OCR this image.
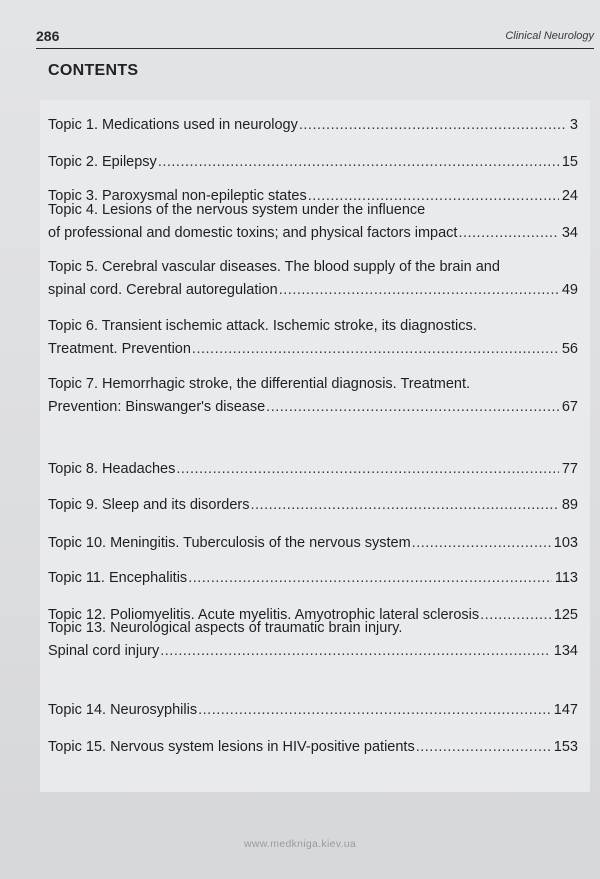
286	Clinical Neurology
CONTENTS
Topic 1. Medications used in neurology .....	3
Topic 2. Epilepsy .....	15
Topic 3. Paroxysmal non-epileptic states .....	24
Topic 4. Lesions of the nervous system under the influence
of professional and domestic toxins; and physical factors impact .....	34
Topic 5. Cerebral vascular diseases. The blood supply of the brain and
spinal cord. Cerebral autoregulation .....	49
Topic 6. Transient ischemic attack. Ischemic stroke, its diagnostics.
Treatment. Prevention .....	56
Topic 7. Hemorrhagic stroke, the differential diagnosis. Treatment.
Prevention: Binswanger's disease .....	67
Topic 8. Headaches .....	77
Topic 9. Sleep and its disorders .....	89
Topic 10. Meningitis. Tuberculosis of the nervous system .....	103
Topic 11. Encephalitis .....	113
Topic 12. Poliomyelitis. Acute myelitis. Amyotrophic lateral sclerosis .....	125
Topic 13. Neurological aspects of traumatic brain injury.
Spinal cord injury .....	134
Topic 14. Neurosyphilis .....	147
Topic 15. Nervous system lesions in HIV-positive patients .....	153
www.medkniga.kiev.ua
